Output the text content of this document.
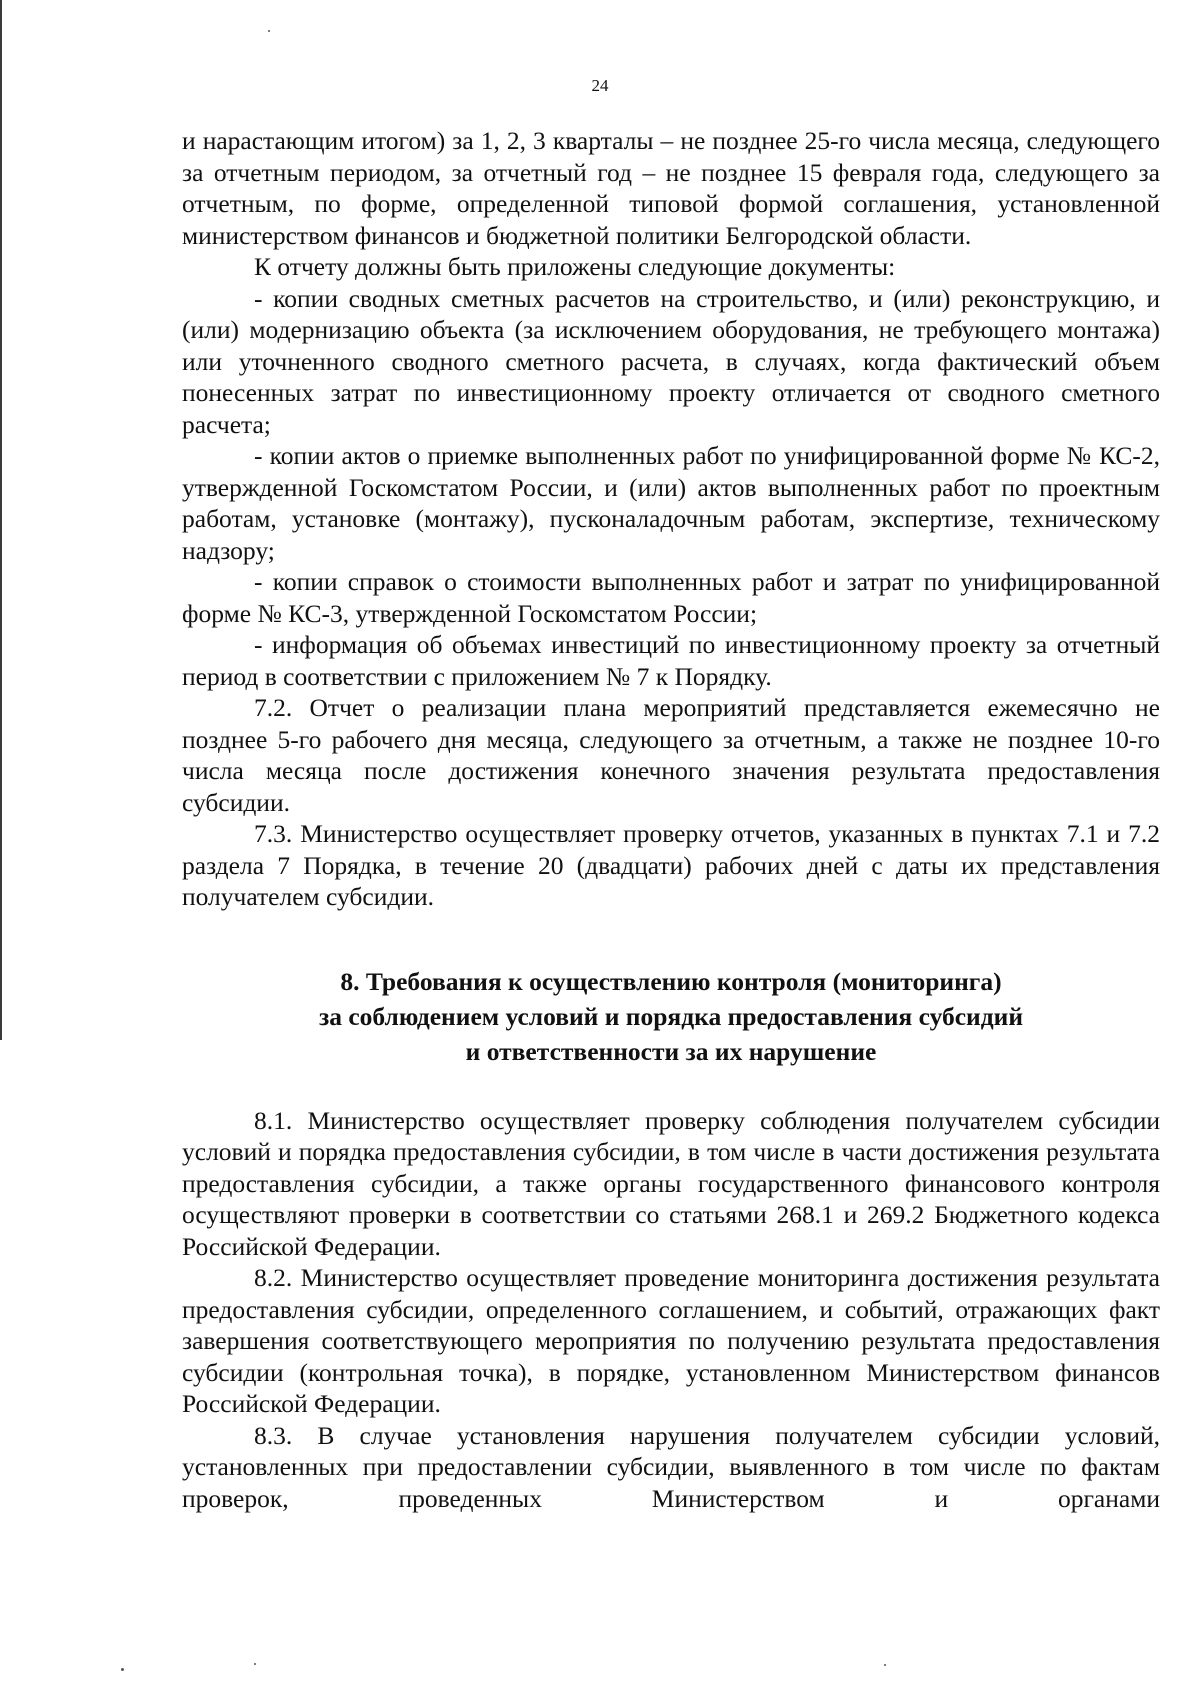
24

и нарастающим итогом) за 1, 2, 3 кварталы – не позднее 25-го числа месяца, следующего за отчетным периодом, за отчетный год – не позднее 15 февраля года, следующего за отчетным, по форме, определенной типовой формой соглашения, установленной министерством финансов и бюджетной политики Белгородской области.

К отчету должны быть приложены следующие документы:

- копии сводных сметных расчетов на строительство, и (или) реконструкцию, и (или) модернизацию объекта (за исключением оборудования, не требующего монтажа) или уточненного сводного сметного расчета, в случаях, когда фактический объем понесенных затрат по инвестиционному проекту отличается от сводного сметного расчета;

- копии актов о приемке выполненных работ по унифицированной форме № КС-2, утвержденной Госкомстатом России, и (или) актов выполненных работ по проектным работам, установке (монтажу), пусконаладочным работам, экспертизе, техническому надзору;

- копии справок о стоимости выполненных работ и затрат по унифицированной форме № КС-3, утвержденной Госкомстатом России;

- информация об объемах инвестиций по инвестиционному проекту за отчетный период в соответствии с приложением № 7 к Порядку.

7.2. Отчет о реализации плана мероприятий представляется ежемесячно не позднее 5-го рабочего дня месяца, следующего за отчетным, а также не позднее 10-го числа месяца после достижения конечного значения результата предоставления субсидии.

7.3. Министерство осуществляет проверку отчетов, указанных в пунктах 7.1 и 7.2 раздела 7 Порядка, в течение 20 (двадцати) рабочих дней с даты их представления получателем субсидии.

8. Требования к осуществлению контроля (мониторинга)
за соблюдением условий и порядка предоставления субсидий
и ответственности за их нарушение

8.1. Министерство осуществляет проверку соблюдения получателем субсидии условий и порядка предоставления субсидии, в том числе в части достижения результата предоставления субсидии, а также органы государственного финансового контроля осуществляют проверки в соответствии со статьями 268.1 и 269.2 Бюджетного кодекса Российской Федерации.

8.2. Министерство осуществляет проведение мониторинга достижения результата предоставления субсидии, определенного соглашением, и событий, отражающих факт завершения соответствующего мероприятия по получению результата предоставления субсидии (контрольная точка), в порядке, установленном Министерством финансов Российской Федерации.

8.3. В случае установления нарушения получателем субсидии условий, установленных при предоставлении субсидии, выявленного в том числе по фактам проверок, проведенных Министерством и органами
